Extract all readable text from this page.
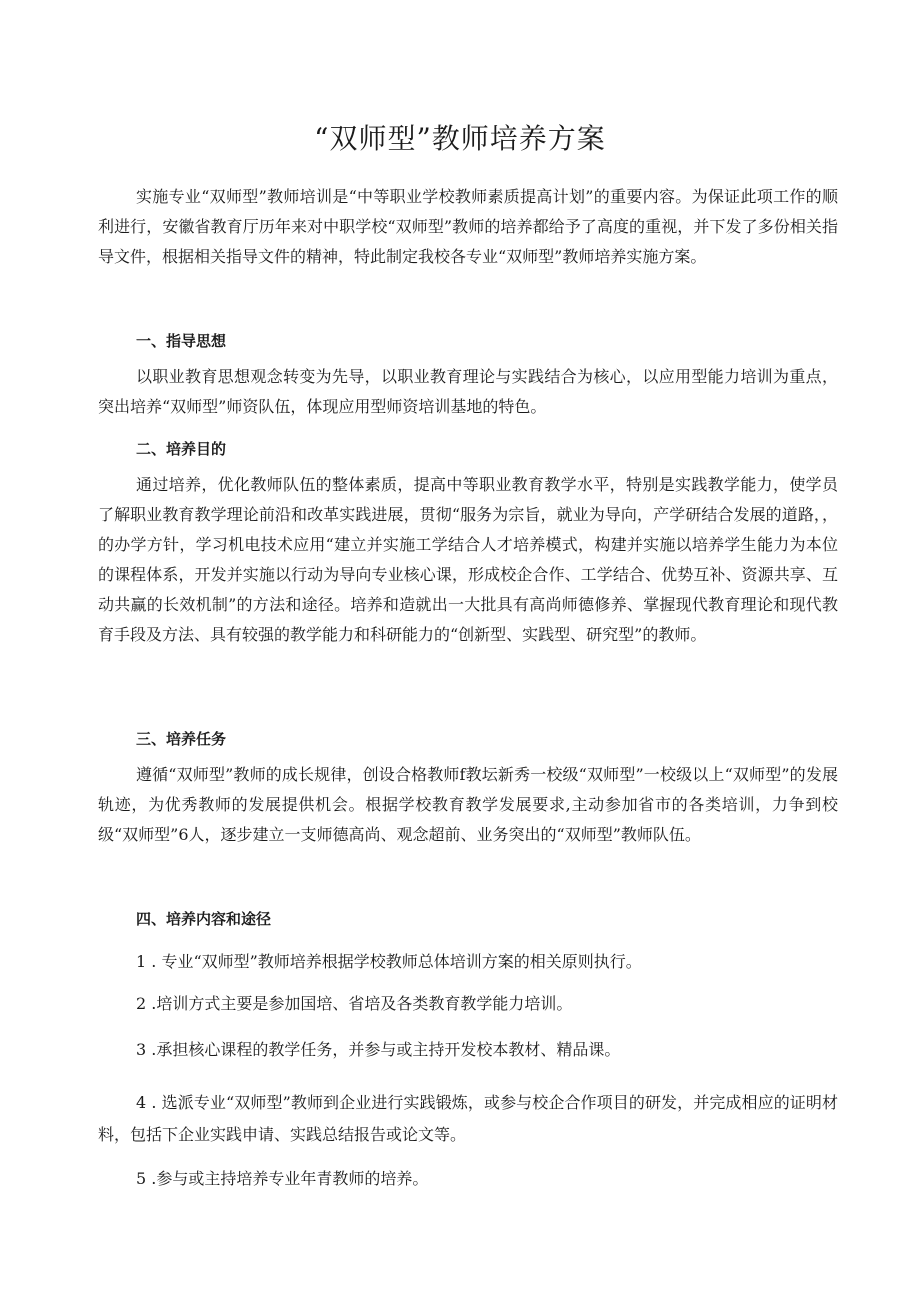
“双师型”教师培养方案

实施专业“双师型”教师培训是“中等职业学校教师素质提高计划”的重要内容。为保证此项工作的顺利进行，安徽省教育厅历年来对中职学校“双师型”教师的培养都给予了高度的重视，并下发了多份相关指导文件，根据相关指导文件的精神，特此制定我校各专业“双师型”教师培养实施方案。

一、指导思想

以职业教育思想观念转变为先导，以职业教育理论与实践结合为核心，以应用型能力培训为重点，突出培养“双师型”师资队伍，体现应用型师资培训基地的特色。

二、培养目的

通过培养，优化教师队伍的整体素质，提高中等职业教育教学水平，特别是实践教学能力，使学员了解职业教育教学理论前沿和改革实践进展，贯彻“服务为宗旨，就业为导向，产学研结合发展的道路，，的办学方针，学习机电技术应用“建立并实施工学结合人才培养模式，构建并实施以培养学生能力为本位的课程体系，开发并实施以行动为导向专业核心课，形成校企合作、工学结合、优势互补、资源共享、互动共赢的长效机制”的方法和途径。培养和造就出一大批具有高尚师德修养、掌握现代教育理论和现代教育手段及方法、具有较强的教学能力和科研能力的“创新型、实践型、研究型”的教师。

三、培养任务

遵循“双师型”教师的成长规律，创设合格教师f教坛新秀一校级“双师型”一校级以上“双师型”的发展轨迹，为优秀教师的发展提供机会。根据学校教育教学发展要求,主动参加省市的各类培训，力争到校级“双师型”6人，逐步建立一支师德高尚、观念超前、业务突出的“双师型”教师队伍。

四、培养内容和途径

1 . 专业“双师型”教师培养根据学校教师总体培训方案的相关原则执行。

2 .培训方式主要是参加国培、省培及各类教育教学能力培训。

3 .承担核心课程的教学任务，并参与或主持开发校本教材、精品课。

4 . 选派专业“双师型”教师到企业进行实践锻炼，或参与校企合作项目的研发，并完成相应的证明材料，包括下企业实践申请、实践总结报告或论文等。

5 .参与或主持培养专业年青教师的培养。
